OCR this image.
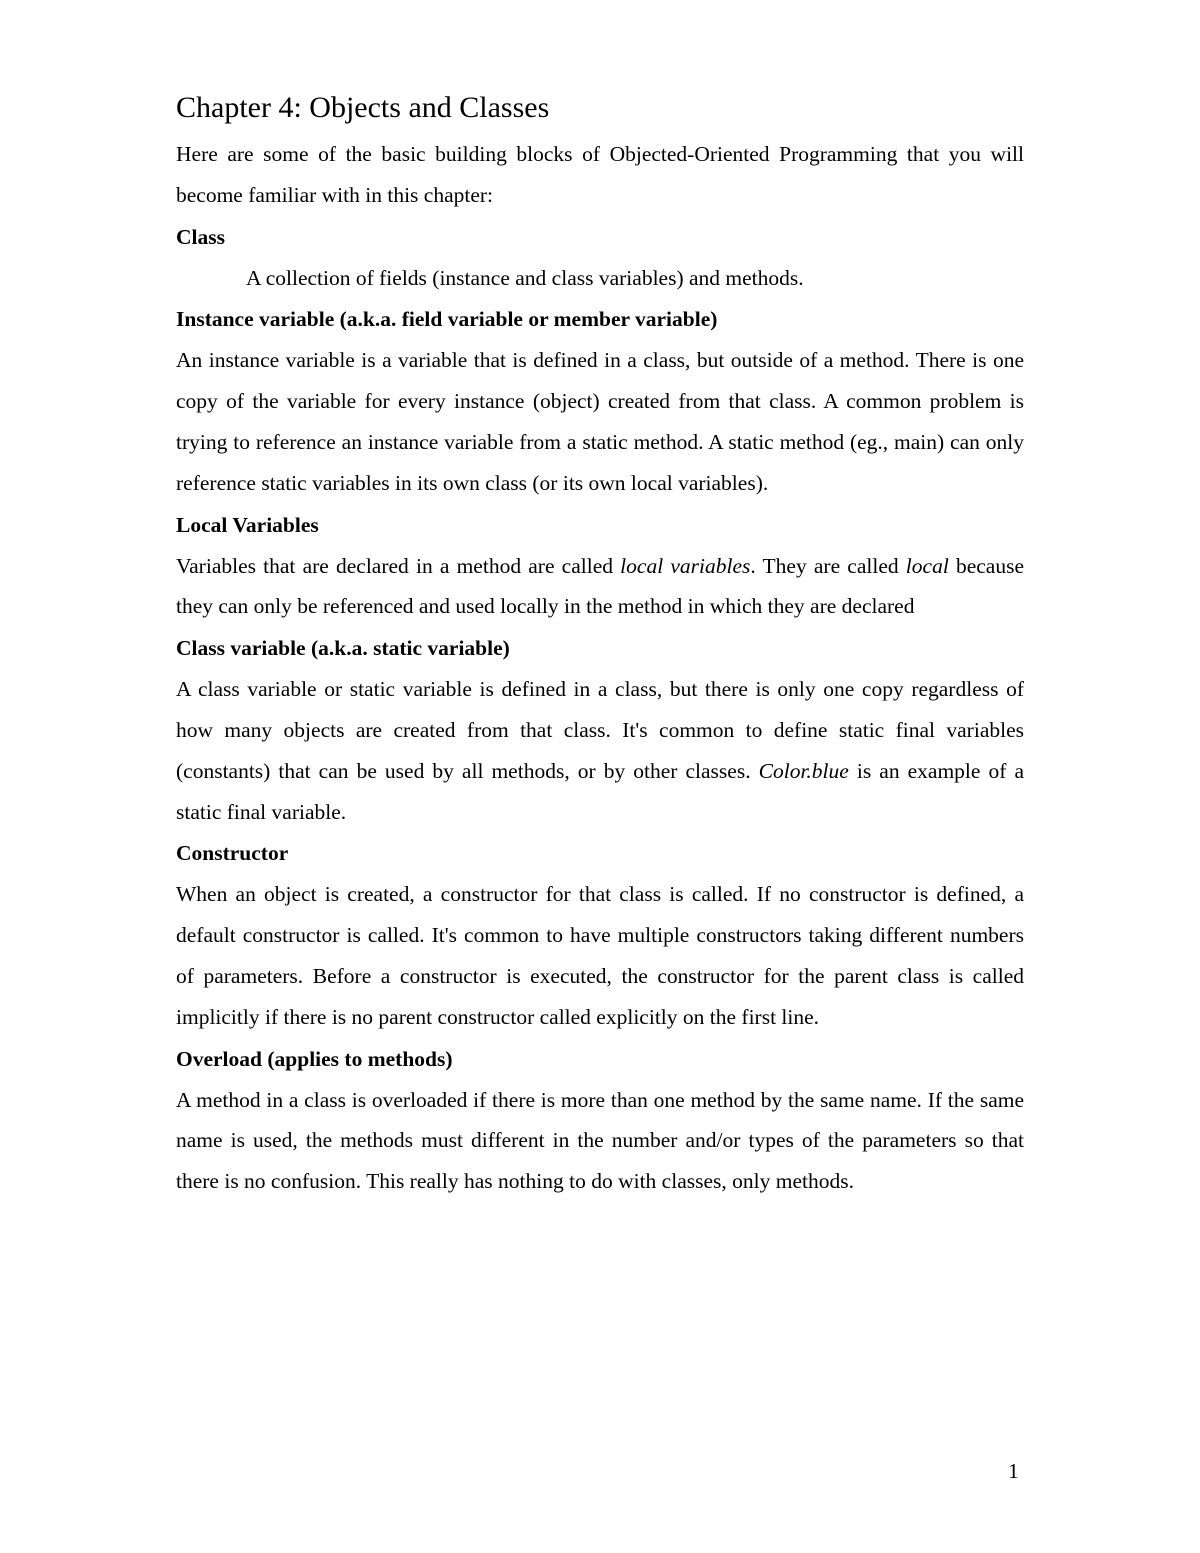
Chapter 4: Objects and Classes

Here are some of the basic building blocks of Objected-Oriented Programming that you will become familiar with in this chapter:

Class

A collection of fields (instance and class variables) and methods.

Instance variable (a.k.a. field variable or member variable)

An instance variable is a variable that is defined in a class, but outside of a method. There is one copy of the variable for every instance (object) created from that class. A common problem is trying to reference an instance variable from a static method. A static method (eg., main) can only reference static variables in its own class (or its own local variables).

Local Variables

Variables that are declared in a method are called local variables. They are called local because they can only be referenced and used locally in the method in which they are declared

Class variable (a.k.a. static variable)

A class variable or static variable is defined in a class, but there is only one copy regardless of how many objects are created from that class. It's common to define static final variables (constants) that can be used by all methods, or by other classes. Color.blue is an example of a static final variable.

Constructor

When an object is created, a constructor for that class is called. If no constructor is defined, a default constructor is called. It's common to have multiple constructors taking different numbers of parameters. Before a constructor is executed, the constructor for the parent class is called implicitly if there is no parent constructor called explicitly on the first line.

Overload (applies to methods)

A method in a class is overloaded if there is more than one method by the same name. If the same name is used, the methods must different in the number and/or types of the parameters so that there is no confusion. This really has nothing to do with classes, only methods.

1
